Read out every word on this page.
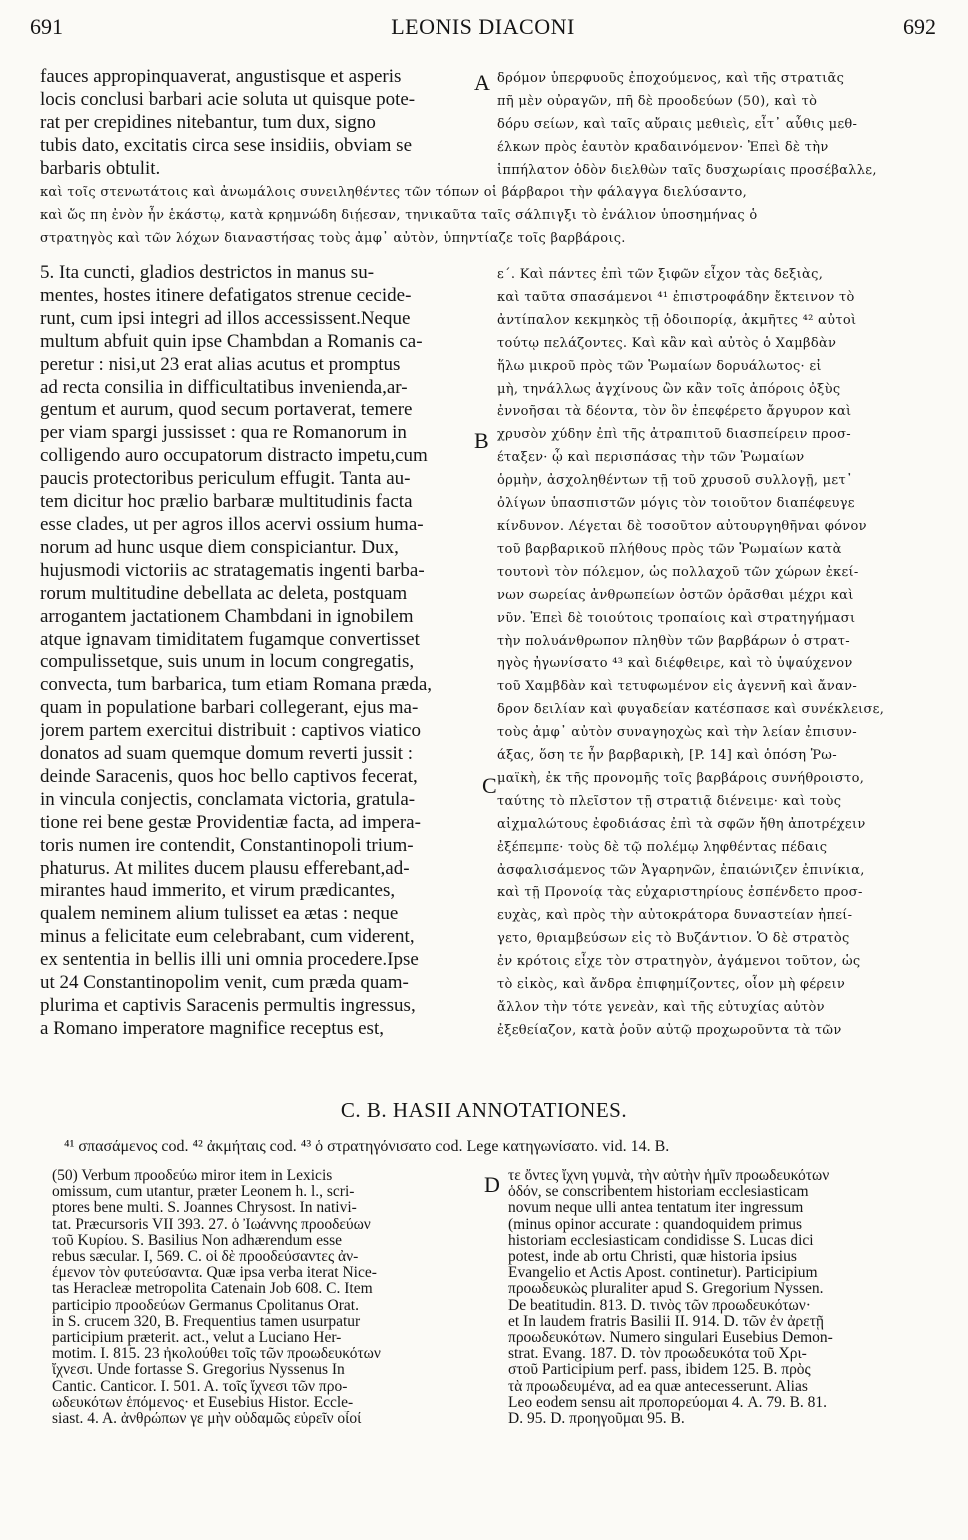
691	LEONIS DIACONI	692
fauces appropinquaverat, angustisque et asperis
locis conclusi barbari acie soluta ut quisque pote-
rat per crepidines nitebantur, tum dux, signo
tubis dato, excitatis circa sese insidiis, obviam se
barbaris obtulit.
δρόμον ὑπερφυοῦς ἐποχούμενος, καὶ τῆς στρατιᾶς
πῆ μὲν οὐραγῶν, πῆ δὲ προοδεύων (50), καὶ τὸ
δόρυ σείων, καὶ ταῖς αὔραις μεθιεὶς, εἶτ᾽ αὖθις μεθ-
έλκων πρὸς ἑαυτὸν κραδαινόμενον· Ἐπεὶ δὲ τὴν
ἱππήλατον ὁδὸν διελθὼν ταῖς δυσχωρίαις προσέβαλλε,
καὶ τοῖς στενωτάτοις καὶ ἀνωμάλοις συνειληθέντες τῶν τόπων οἱ βάρβαροι τὴν φάλαγγα διελύσαντο,
καὶ ὥς πη ἐνὸν ἦν ἑκάστῳ, κατὰ κρημνώδη διῄεσαν, τηνικαῦτα ταῖς σάλπιγξι τὸ ἐνάλιον ὑποσημήνας ὁ
στρατηγὸς καὶ τῶν λόχων διαναστήσας τοὺς ἀμφ᾽ αὐτὸν, ὑπηντίαζε τοῖς βαρβάροις.
5. Ita cuncti, gladios destrictos in manus su-
mentes, hostes itinere defatigatos strenue cecide-
runt, cum ipsi integri ad illos accessissent.Neque
multum abfuit quin ipse Chambdan a Romanis ca-
peretur : nisi,ut 23 erat alias acutus et promptus
ad recta consilia in difficultatibus invenienda,ar-
gentum et aurum, quod secum portaverat, temere
per viam spargi jussisset : qua re Romanorum in
colligendo auro occupatorum distracto impetu,cum
paucis protectoribus periculum effugit. Tanta au-
tem dicitur hoc prælio barbaræ multitudinis facta
esse clades, ut per agros illos acervi ossium huma-
norum ad hunc usque diem conspiciantur. Dux,
hujusmodi victoriis ac stratagematis ingenti barba-
rorum multitudine debellata ac deleta, postquam
arrogantem jactationem Chambdani in ignobilem
atque ignavam timiditatem fugamque convertisset
compulissetque, suis unum in locum congregatis,
convecta, tum barbarica, tum etiam Romana præda,
quam in populatione barbari collegerant, ejus ma-
jorem partem exercitui distribuit : captivos viatico
donatos ad suam quemque domum reverti jussit :
deinde Saracenis, quos hoc bello captivos fecerat,
in vincula conjectis, conclamata victoria, gratula-
tione rei bene gestæ Providentiæ facta, ad impera-
toris numen ire contendit, Constantinopoli trium-
phaturus. At milites ducem plausu efferebant,ad-
mirantes haud immerito, et virum prædicantes,
qualem neminem alium tulisset ea ætas : neque
minus a felicitate eum celebrabant, cum viderent,
ex sententia in bellis illi uni omnia procedere.Ipse
ut 24 Constantinopolim venit, cum præda quam-
plurima et captivis Saracenis permultis ingressus,
a Romano imperatore magnifice receptus est,
ε΄. Καὶ πάντες ἐπὶ τῶν ξιφῶν εἶχον τὰς δεξιὰς,
καὶ ταῦτα σπασάμενοι ⁴¹ ἐπιστροφάδην ἔκτεινον τὸ
ἀντίπαλον κεκμηκὸς τῇ ὁδοιπορίᾳ, ἀκμῆτες ⁴² αὐτοὶ
τούτῳ πελάζοντες. Καὶ κἂν καὶ αὐτὸς ὁ Χαμβδὰν
ἥλω μικροῦ πρὸς τῶν Ῥωμαίων δορυάλωτος· εἰ
μὴ, τηνάλλως ἀγχίνους ὢν κἂν τοῖς ἀπόροις ὀξὺς
ἐννοῆσαι τὰ δέοντα, τὸν ὃν ἐπεφέρετο ἄργυρον καὶ
χρυσὸν χύδην ἐπὶ τῆς ἀτραπιτοῦ διασπείρειν προσ-
έταξεν· ᾧ καὶ περισπάσας τὴν τῶν Ῥωμαίων
ὁρμὴν, ἀσχοληθέντων τῇ τοῦ χρυσοῦ συλλογῇ, μετ᾽
ὀλίγων ὑπασπιστῶν μόγις τὸν τοιοῦτον διαπέφευγε
κίνδυνον. Λέγεται δὲ τοσοῦτον αὐτουργηθῆναι φόνον
τοῦ βαρβαρικοῦ πλήθους πρὸς τῶν Ῥωμαίων κατὰ
τουτονὶ τὸν πόλεμον, ὡς πολλαχοῦ τῶν χώρων ἐκεί-
νων σωρείας ἀνθρωπείων ὀστῶν ὁρᾶσθαι μέχρι καὶ
νῦν. Ἐπεὶ δὲ τοιούτοις τροπαίοις καὶ στρατηγήμασι
τὴν πολυάνθρωπον πληθὺν τῶν βαρβάρων ὁ στρατ-
ηγὸς ἠγωνίσατο ⁴³ καὶ διέφθειρε, καὶ τὸ ὑψαύχενον
τοῦ Χαμβδὰν καὶ τετυφωμένον εἰς ἀγεννῆ καὶ ἄναν-
δρον δειλίαν καὶ φυγαδείαν κατέσπασε καὶ συνέκλεισε,
τοὺς ἀμφ᾽ αὐτὸν συναγηοχὼς καὶ τὴν λείαν ἐπισυν-
άξας, ὅση τε ἦν βαρβαρικὴ, [P. 14] καὶ ὁπόση Ῥω-
μαϊκὴ, ἐκ τῆς προνομῆς τοῖς βαρβάροις συνήθροιστο,
ταύτης τὸ πλεῖστον τῇ στρατιᾷ διένειμε· καὶ τοὺς
αἰχμαλώτους ἐφοδιάσας ἐπὶ τὰ σφῶν ἤθη ἀποτρέχειν
ἐξέπεμπε· τοὺς δὲ τῷ πολέμῳ ληφθέντας πέδαις
ἀσφαλισάμενος τῶν Ἀγαρηνῶν, ἐπαιώνιζεν ἐπινίκια,
καὶ τῇ Προνοίᾳ τὰς εὐχαριστηρίους ἐσπένδετο προσ-
ευχὰς, καὶ πρὸς τὴν αὐτοκράτορα δυναστείαν ἠπεί-
γετο, θριαμβεύσων εἰς τὸ Βυζάντιον. Ὁ δὲ στρατὸς
ἐν κρότοις εἶχε τὸν στρατηγὸν, ἀγάμενοι τοῦτον, ὡς
τὸ εἰκὸς, καὶ ἄνδρα ἐπιφημίζοντες, οἷον μὴ φέρειν
ἄλλον τὴν τότε γενεὰν, καὶ τῆς εὐτυχίας αὐτὸν
ἐξεθείαζον, κατὰ ῥοῦν αὐτῷ προχωροῦντα τὰ τῶν
A
B
C
D
C. B. HASII ANNOTATIONES.
⁴¹ σπασάμενος cod. ⁴² ἀκμήταις cod. ⁴³ ὁ στρατηγόνισατο cod. Lege κατηγωνίσατο. vid. 14. B.
(50) Verbum προοδεύω miror item in Lexicis
omissum, cum utantur, præter Leonem h. l., scri-
ptores bene multi. S. Joannes Chrysost. In nativi-
tat. Præcursoris VII 393. 27. ὁ Ἰωάννης προοδεύων
τοῦ Κυρίου. S. Basilius Non adhærendum esse
rebus sæcular. I, 569. C. οἱ δὲ προοδεύσαντες ἀν-
έμενον τὸν φυτεύσαντα. Quæ ipsa verba iterat Nice-
tas Heracleæ metropolita Catenain Job 608. C. Item
participio προοδεύων Germanus Cpolitanus Orat.
in S. crucem 320, B. Frequentius tamen usurpatur
participium præterit. act., velut a Luciano Her-
motim. I. 815. 23 ἠκολούθει τοῖς τῶν προωδευκότων
ἴχνεσι. Unde fortasse S. Gregorius Nyssenus In
Cantic. Canticor. I. 501. A. τοῖς ἴχνεσι τῶν προ-
ωδευκότων ἑπόμενος· et Eusebius Histor. Eccle-
siast. 4. A. ἀνθρώπων γε μὴν οὐδαμῶς εὑρεῖν οἷοί
τε ὄντες ἴχνη γυμνὰ, τὴν αὐτὴν ἡμῖν προωδευκότων
ὁδόν, se conscribentem historiam ecclesiasticam
novum neque ulli antea tentatum iter ingressum
(minus opinor accurate : quandoquidem primus
historiam ecclesiasticam condidisse S. Lucas dici
potest, inde ab ortu Christi, quæ historia ipsius
Evangelio et Actis Apost. continetur). Participium
προωδευκὼς pluraliter apud S. Gregorium Nyssen.
De beatitudin. 813. D. τινὸς τῶν προωδευκότων·
et In laudem fratris Basilii II. 914. D. τῶν ἐν ἀρετῇ
προωδευκότων. Numero singulari Eusebius Demon-
strat. Evang. 187. D. τὸν προωδευκότα τοῦ Χρι-
στοῦ Participium perf. pass, ibidem 125. B. πρὸς
τὰ προωδευμένα, ad ea quæ antecesserunt. Alias
Leo eodem sensu ait προπορεύομαι 4. A. 79. B. 81.
D. 95. D. προηγοῦμαι 95. B.
